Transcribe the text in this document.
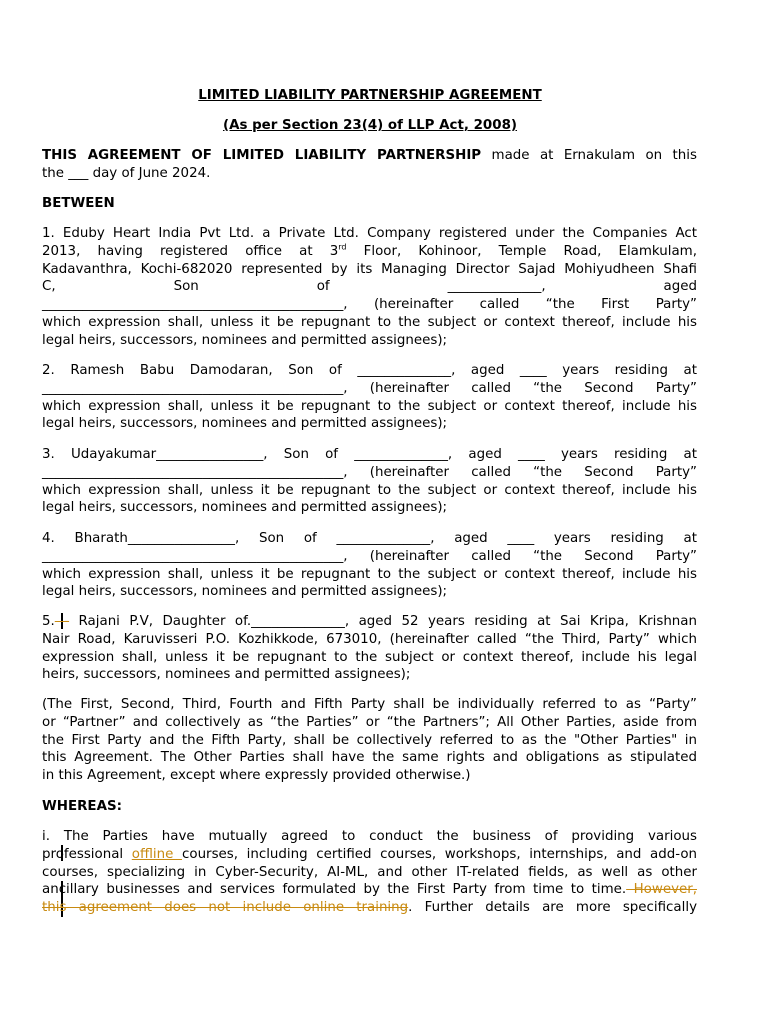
LIMITED LIABILITY PARTNERSHIP AGREEMENT
(As per Section 23(4) of LLP Act, 2008)
THIS AGREEMENT OF LIMITED LIABILITY PARTNERSHIP made at Ernakulam on this
the ___ day of June 2024.
BETWEEN
1. Eduby Heart India Pvt Ltd. a Private Ltd. Company registered under the Companies Act
2013, having registered office at 3rd Floor, Kohinoor, Temple Road, Elamkulam,
Kadavanthra, Kochi-682020 represented by its Managing Director Sajad Mohiyudheen Shafi
C, Son of ______________, aged
_____________________________________________, (hereinafter called “the First Party”
which expression shall, unless it be repugnant to the subject or context thereof, include his
legal heirs, successors, nominees and permitted assignees);
2. Ramesh Babu Damodaran, Son of ______________, aged ____ years residing at
_____________________________________________, (hereinafter called “the Second Party”
which expression shall, unless it be repugnant to the subject or context thereof, include his
legal heirs, successors, nominees and permitted assignees);
3. Udayakumar________________, Son of ______________, aged ____ years residing at
_____________________________________________, (hereinafter called “the Second Party”
which expression shall, unless it be repugnant to the subject or context thereof, include his
legal heirs, successors, nominees and permitted assignees);
4. Bharath________________, Son of ______________, aged ____ years residing at
_____________________________________________, (hereinafter called “the Second Party”
which expression shall, unless it be repugnant to the subject or context thereof, include his
legal heirs, successors, nominees and permitted assignees);
5. - Rajani P.V, Daughter of.______________, aged 52 years residing at Sai Kripa, Krishnan
Nair Road, Karuvisseri P.O. Kozhikkode, 673010, (hereinafter called “the Third, Party” which
expression shall, unless it be repugnant to the subject or context thereof, include his legal
heirs, successors, nominees and permitted assignees);
(The First, Second, Third, Fourth and Fifth Party shall be individually referred to as “Party”
or “Partner” and collectively as “the Parties” or “the Partners”; All Other Parties, aside from
the First Party and the Fifth Party, shall be collectively referred to as the "Other Parties" in
this Agreement. The Other Parties shall have the same rights and obligations as stipulated
in this Agreement, except where expressly provided otherwise.)
WHEREAS:
i. The Parties have mutually agreed to conduct the business of providing various
professional offline courses, including certified courses, workshops, internships, and add-on
courses, specializing in Cyber-Security, AI-ML, and other IT-related fields, as well as other
ancillary businesses and services formulated by the First Party from time to time. However,
this agreement does not include online training. Further details are more specifically
